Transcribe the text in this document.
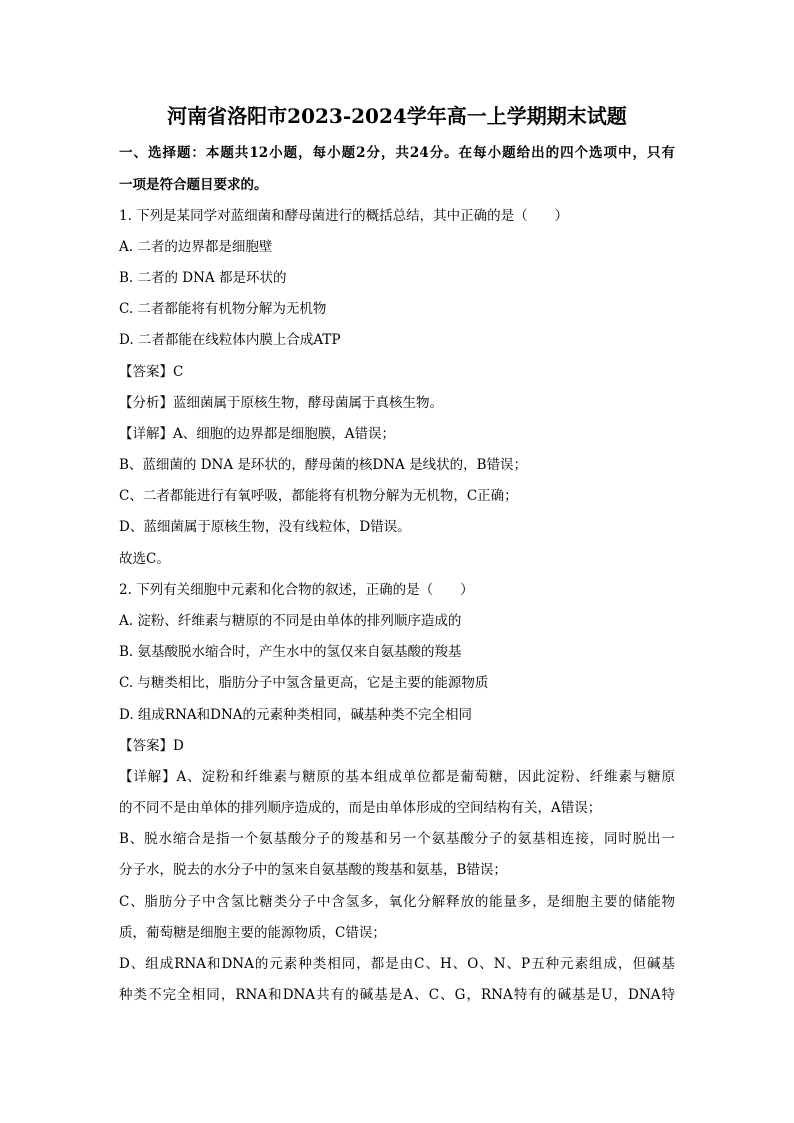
河南省洛阳市2023-2024学年高一上学期期末试题
一、选择题：本题共12小题，每小题2分，共24分。在每小题给出的四个选项中，只有
一项是符合题目要求的。
1. 下列是某同学对蓝细菌和酵母菌进行的概括总结，其中正确的是（　　）
A. 二者的边界都是细胞壁
B. 二者的 DNA 都是环状的
C. 二者都能将有机物分解为无机物
D. 二者都能在线粒体内膜上合成ATP
【答案】C
【分析】蓝细菌属于原核生物，酵母菌属于真核生物。
【详解】A、细胞的边界都是细胞膜，A错误；
B、蓝细菌的 DNA 是环状的，酵母菌的核DNA 是线状的，B错误；
C、二者都能进行有氧呼吸，都能将有机物分解为无机物，C正确；
D、蓝细菌属于原核生物，没有线粒体，D错误。
故选C。
2. 下列有关细胞中元素和化合物的叙述，正确的是（　　）
A. 淀粉、纤维素与糖原的不同是由单体的排列顺序造成的
B. 氨基酸脱水缩合时，产生水中的氢仅来自氨基酸的羧基
C. 与糖类相比，脂肪分子中氢含量更高，它是主要的能源物质
D. 组成RNA和DNA的元素种类相同，碱基种类不完全相同
【答案】D
【详解】A、淀粉和纤维素与糖原的基本组成单位都是葡萄糖，因此淀粉、纤维素与糖原
的不同不是由单体的排列顺序造成的，而是由单体形成的空间结构有关，A错误；
B、脱水缩合是指一个氨基酸分子的羧基和另一个氨基酸分子的氨基相连接，同时脱出一
分子水，脱去的水分子中的氢来自氨基酸的羧基和氨基，B错误；
C、脂肪分子中含氢比糖类分子中含氢多，氧化分解释放的能量多，是细胞主要的储能物
质，葡萄糖是细胞主要的能源物质，C错误；
D、组成RNA和DNA的元素种类相同，都是由C、H、O、N、P五种元素组成，但碱基
种类不完全相同，RNA和DNA共有的碱基是A、C、G，RNA特有的碱基是U，DNA特
